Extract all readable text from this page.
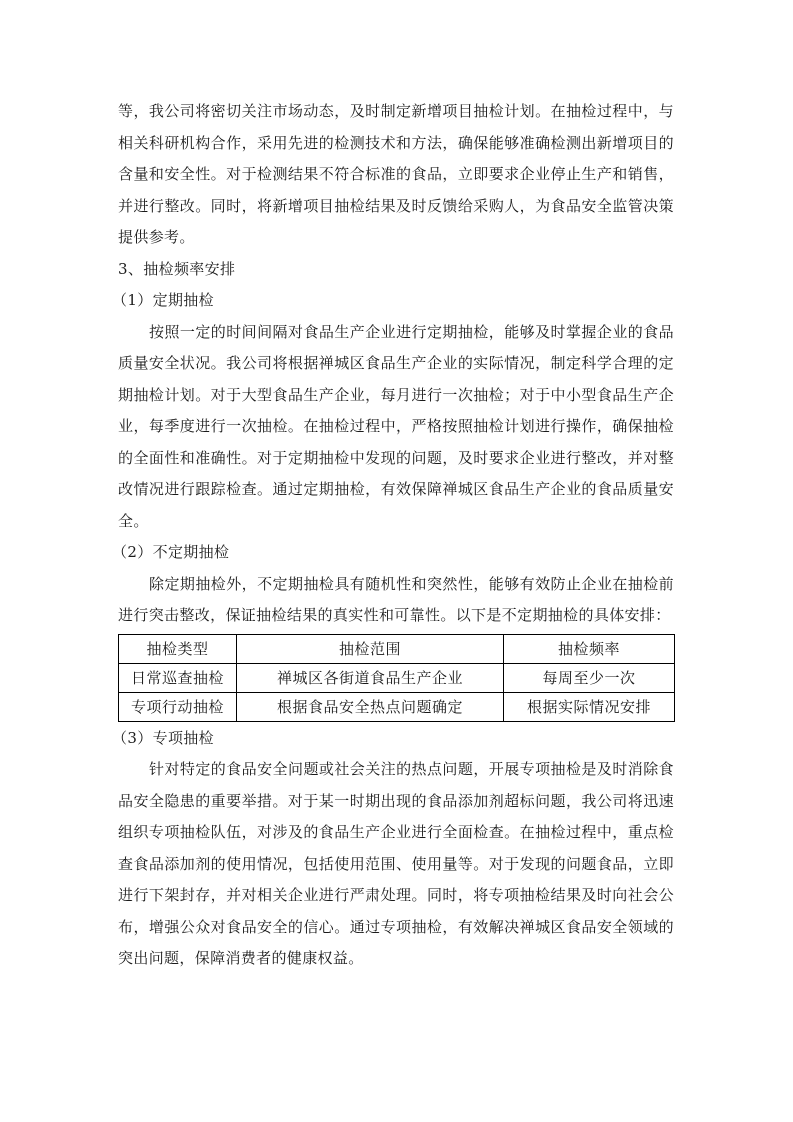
等，我公司将密切关注市场动态，及时制定新增项目抽检计划。在抽检过程中，与相关科研机构合作，采用先进的检测技术和方法，确保能够准确检测出新增项目的含量和安全性。对于检测结果不符合标准的食品，立即要求企业停止生产和销售，并进行整改。同时，将新增项目抽检结果及时反馈给采购人，为食品安全监管决策提供参考。

3、抽检频率安排

（1）定期抽检

按照一定的时间间隔对食品生产企业进行定期抽检，能够及时掌握企业的食品质量安全状况。我公司将根据禅城区食品生产企业的实际情况，制定科学合理的定期抽检计划。对于大型食品生产企业，每月进行一次抽检；对于中小型食品生产企业，每季度进行一次抽检。在抽检过程中，严格按照抽检计划进行操作，确保抽检的全面性和准确性。对于定期抽检中发现的问题，及时要求企业进行整改，并对整改情况进行跟踪检查。通过定期抽检，有效保障禅城区食品生产企业的食品质量安全。

（2）不定期抽检

除定期抽检外，不定期抽检具有随机性和突然性，能够有效防止企业在抽检前进行突击整改，保证抽检结果的真实性和可靠性。以下是不定期抽检的具体安排：

抽检类型	抽检范围	抽检频率
日常巡查抽检	禅城区各街道食品生产企业	每周至少一次
专项行动抽检	根据食品安全热点问题确定	根据实际情况安排

（3）专项抽检

针对特定的食品安全问题或社会关注的热点问题，开展专项抽检是及时消除食品安全隐患的重要举措。对于某一时期出现的食品添加剂超标问题，我公司将迅速组织专项抽检队伍，对涉及的食品生产企业进行全面检查。在抽检过程中，重点检查食品添加剂的使用情况，包括使用范围、使用量等。对于发现的问题食品，立即进行下架封存，并对相关企业进行严肃处理。同时，将专项抽检结果及时向社会公布，增强公众对食品安全的信心。通过专项抽检，有效解决禅城区食品安全领域的突出问题，保障消费者的健康权益。
